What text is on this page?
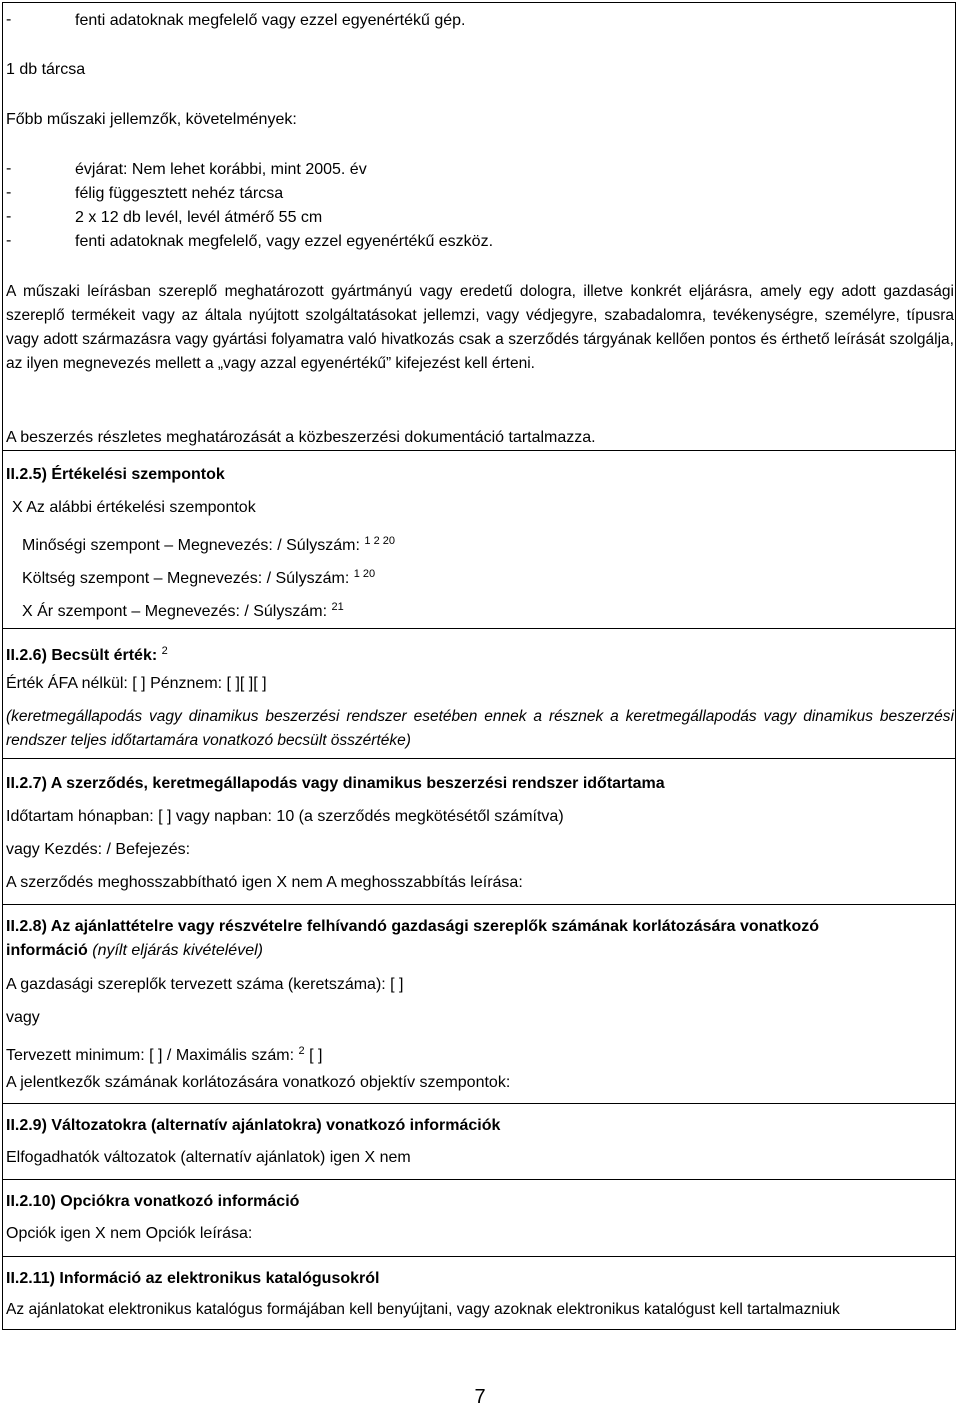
-	fenti adatoknak megfelelő vagy ezzel egyenértékű gép.
1 db tárcsa
Főbb műszaki jellemzők, követelmények:
-	évjárat: Nem lehet korábbi, mint 2005. év
-	félig függesztett nehéz tárcsa
-	2 x 12 db levél, levél átmérő 55 cm
-	fenti adatoknak megfelelő, vagy ezzel egyenértékű eszköz.
A műszaki leírásban szereplő meghatározott gyártmányú vagy eredetű dologra, illetve konkrét eljárásra, amely egy adott gazdasági szereplő termékeit vagy az általa nyújtott szolgáltatásokat jellemzi, vagy védjegyre, szabadalomra, tevékenységre, személyre, típusra vagy adott származásra vagy gyártási folyamatra való hivatkozás csak a szerződés tárgyának kellően pontos és érthető leírását szolgálja, az ilyen megnevezés mellett a „vagy azzal egyenértékű” kifejezést kell érteni.
A beszerzés részletes meghatározását a közbeszerzési dokumentáció tartalmazza.
II.2.5) Értékelési szempontok
X Az alábbi értékelési szempontok
Minőségi szempont – Megnevezés: / Súlyszám: $^{1 2 20}$
Költség szempont – Megnevezés: / Súlyszám: $^{1 20}$
X Ár szempont – Megnevezés: / Súlyszám: $^{21}$
II.2.6) Becsült érték: $^2$
Érték ÁFA nélkül: [ ] Pénznem: [ ][ ][ ]
(keretmegállapodás vagy dinamikus beszerzési rendszer esetében ennek a résznek a keretmegállapodás vagy dinamikus beszerzési rendszer teljes időtartamára vonatkozó becsült összértéke)
II.2.7) A szerződés, keretmegállapodás vagy dinamikus beszerzési rendszer időtartama
Időtartam hónapban: [ ] vagy napban: 10 (a szerződés megkötésétől számítva)
vagy Kezdés: / Befejezés:
A szerződés meghosszabbítható igen X nem A meghosszabbítás leírása:
II.2.8) Az ajánlattételre vagy részvételre felhívandó gazdasági szereplők számának korlátozására vonatkozó
információ (nyílt eljárás kivételével)
A gazdasági szereplők tervezett száma (keretszáma): [ ]
vagy
Tervezett minimum: [ ] / Maximális szám: $^2$ [ ]
A jelentkezők számának korlátozására vonatkozó objektív szempontok:
II.2.9) Változatokra (alternatív ajánlatokra) vonatkozó információk
Elfogadhatók változatok (alternatív ajánlatok) igen X nem
II.2.10) Opciókra vonatkozó információ
Opciók igen X nem Opciók leírása:
II.2.11) Információ az elektronikus katalógusokról
Az ajánlatokat elektronikus katalógus formájában kell benyújtani, vagy azoknak elektronikus katalógust kell tartalmazniuk
7
